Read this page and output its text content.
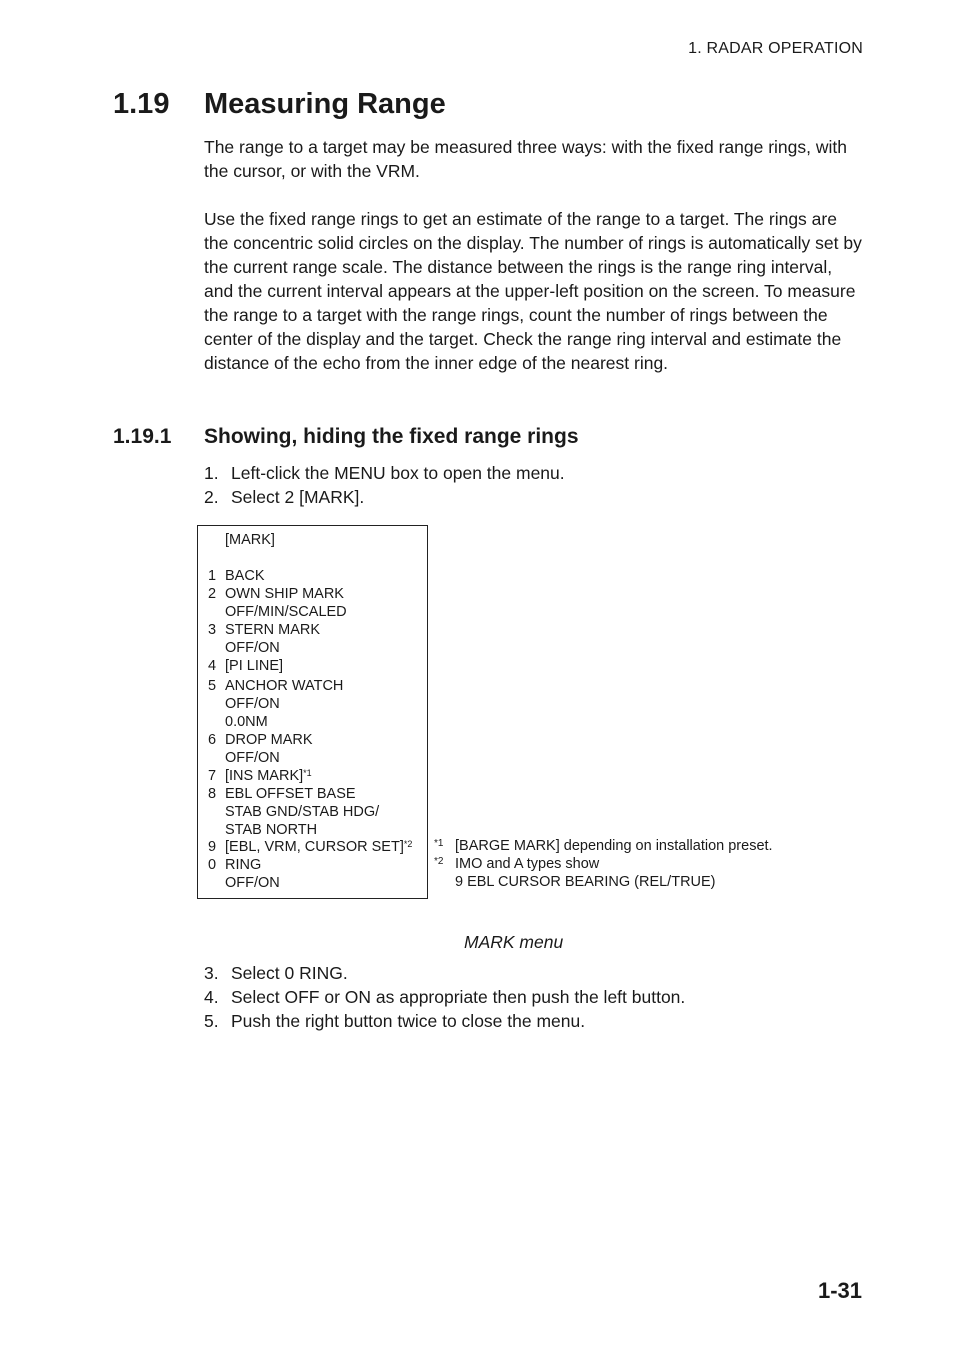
1. RADAR OPERATION
1.19 Measuring Range
The range to a target may be measured three ways: with the fixed range rings, with the cursor, or with the VRM.
Use the fixed range rings to get an estimate of the range to a target. The rings are the concentric solid circles on the display. The number of rings is automatically set by the current range scale. The distance between the rings is the range ring interval, and the current interval appears at the upper-left position on the screen. To measure the range to a target with the range rings, count the number of rings between the center of the display and the target. Check the range ring interval and estimate the distance of the echo from the inner edge of the nearest ring.
1.19.1 Showing, hiding the fixed range rings
1. Left-click the MENU box to open the menu.
2. Select 2 [MARK].
[MARK]
1 BACK
2 OWN SHIP MARK
OFF/MIN/SCALED
3 STERN MARK
OFF/ON
4 [PI LINE]
5 ANCHOR WATCH
OFF/ON
0.0NM
6 DROP MARK
OFF/ON
7 [INS MARK]$^{*1}$
8 EBL OFFSET BASE
STAB GND/STAB HDG/
STAB NORTH
9 [EBL, VRM, CURSOR SET]$^{*2}$
0 RING
OFF/ON
*1 [BARGE MARK] depending on installation preset.
*2 IMO and A types show
9 EBL CURSOR BEARING (REL/TRUE)
MARK menu
3. Select 0 RING.
4. Select OFF or ON as appropriate then push the left button.
5. Push the right button twice to close the menu.
1-31
